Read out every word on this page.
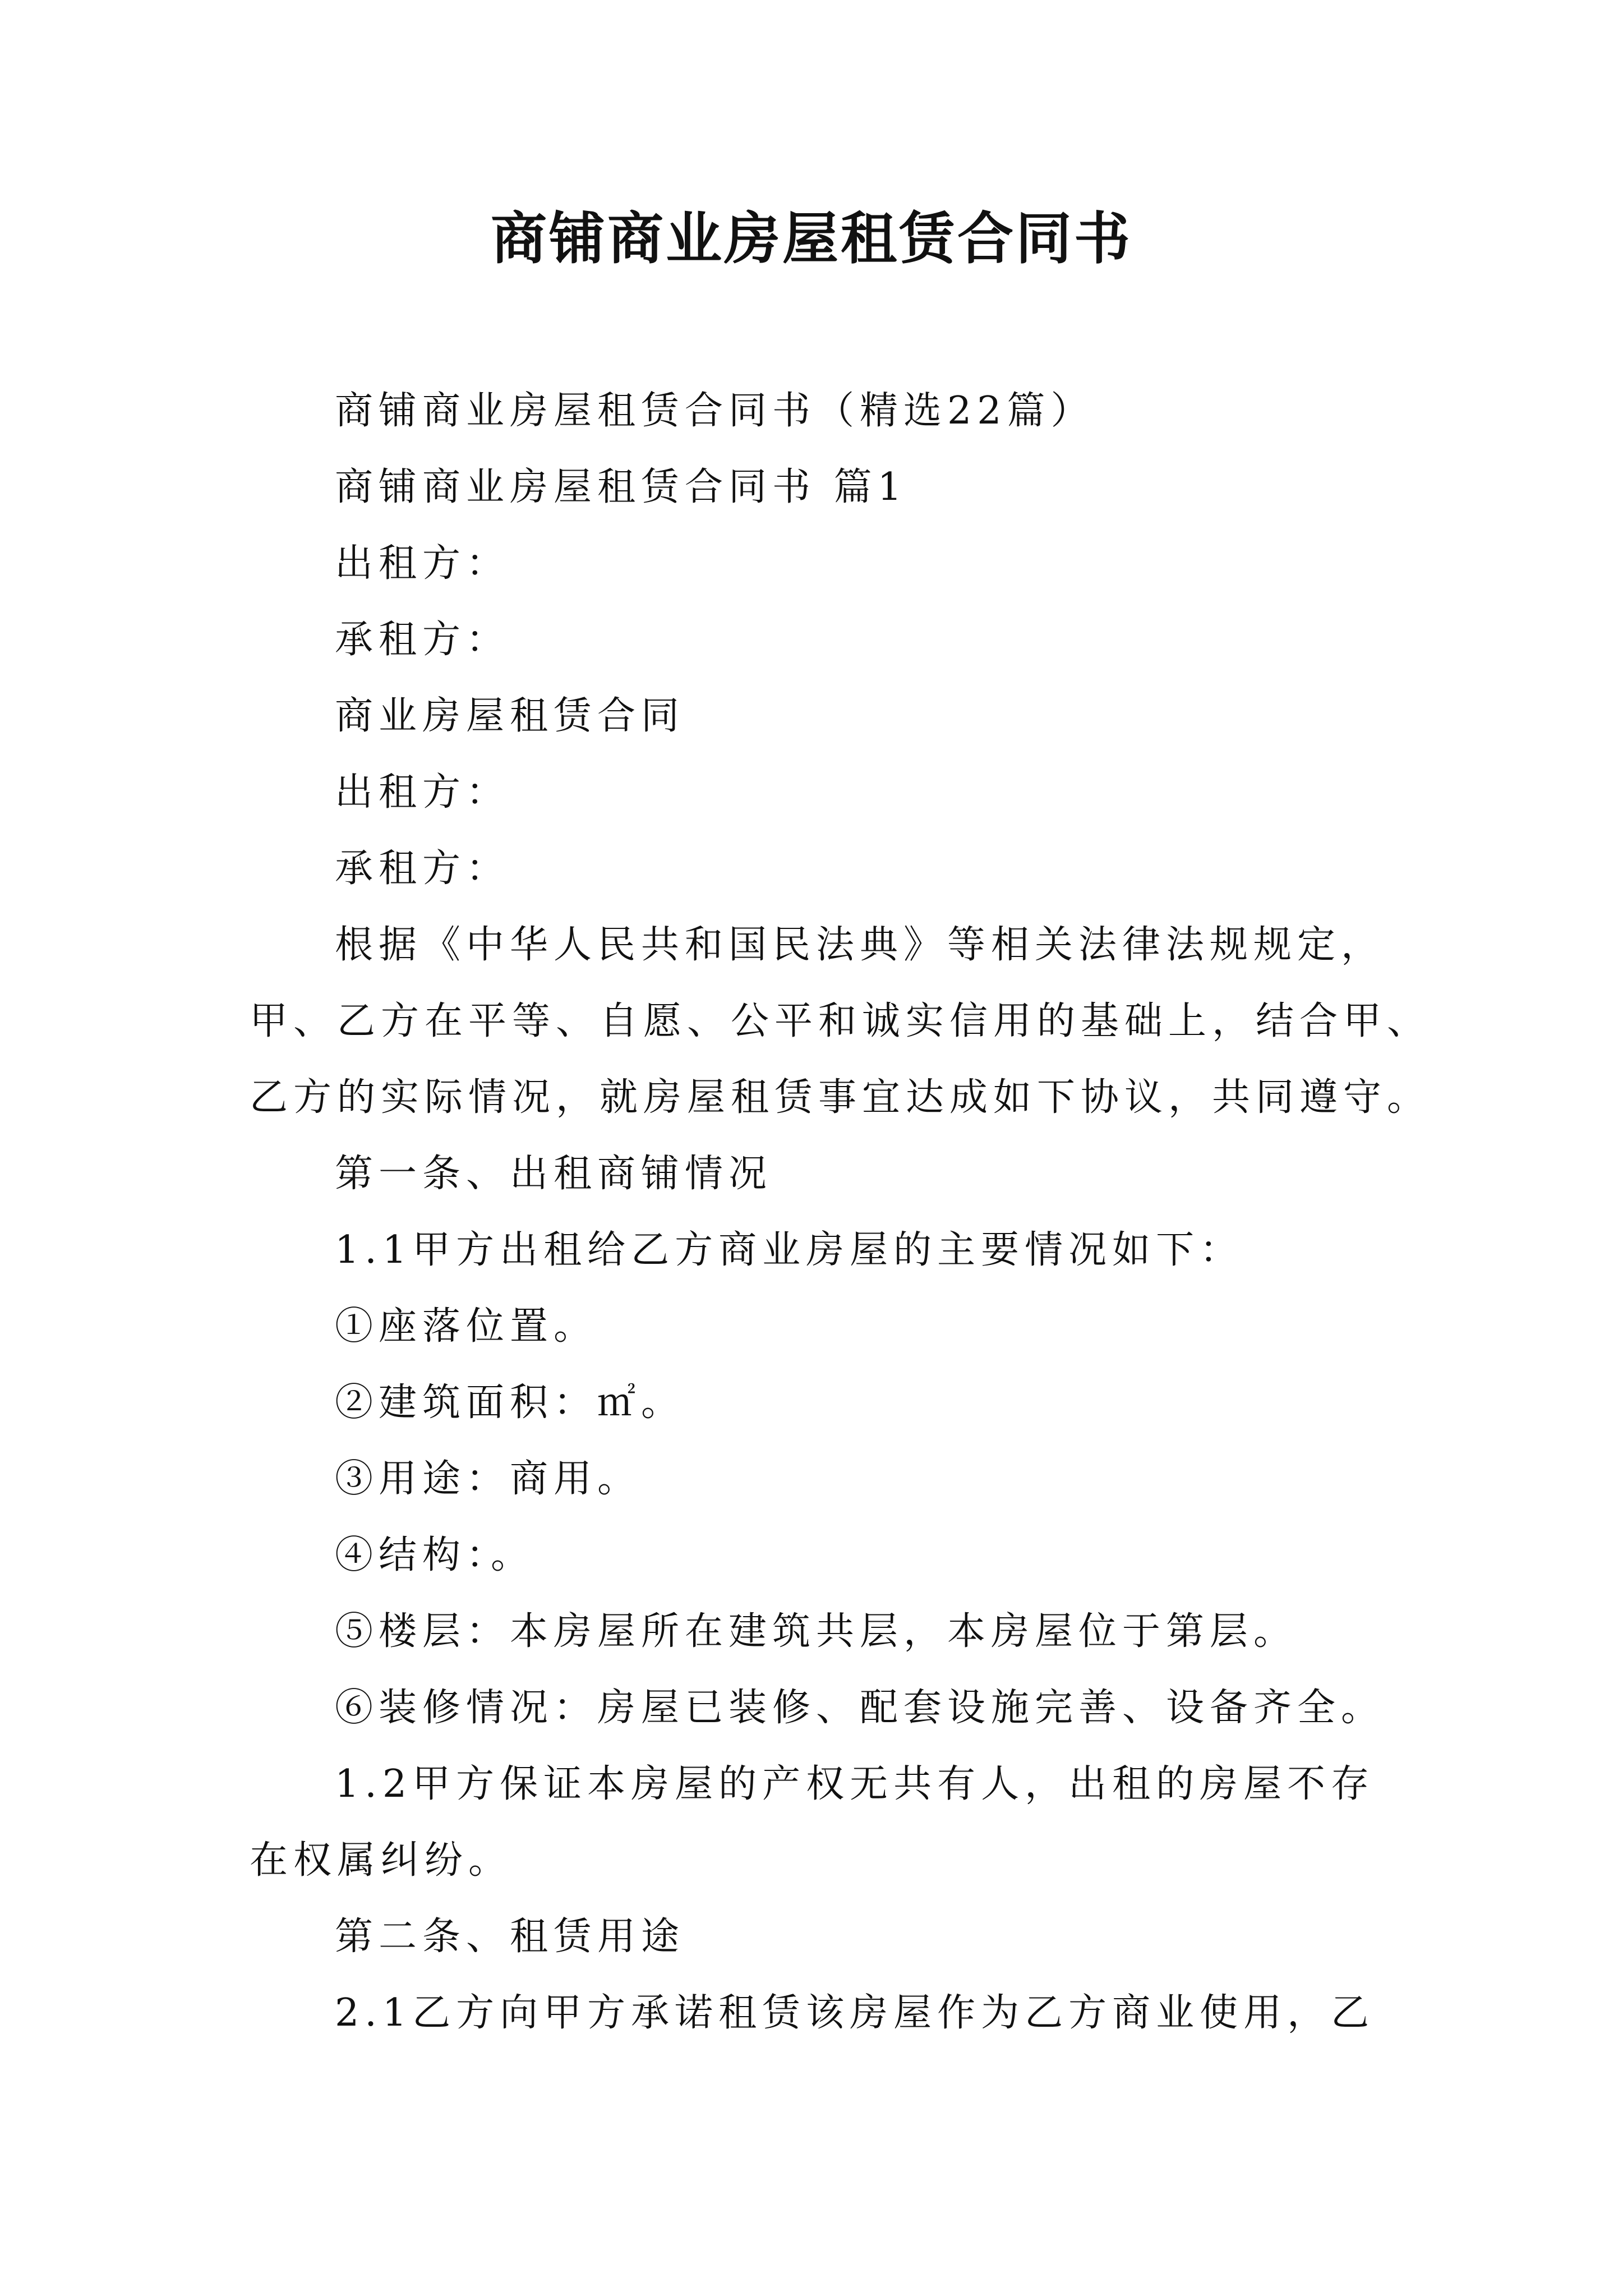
商铺商业房屋租赁合同书

商铺商业房屋租赁合同书（精选22篇）

商铺商业房屋租赁合同书 篇1

出租方：

承租方：

商业房屋租赁合同

出租方：

承租方：

根据《中华人民共和国民法典》等相关法律法规规定，
甲、乙方在平等、自愿、公平和诚实信用的基础上，结合甲、
乙方的实际情况，就房屋租赁事宜达成如下协议，共同遵守。

第一条、出租商铺情况

1.1甲方出租给乙方商业房屋的主要情况如下：

①座落位置。

②建筑面积：㎡。

③用途：商用。

④结构：。

⑤楼层：本房屋所在建筑共层，本房屋位于第层。

⑥装修情况：房屋已装修、配套设施完善、设备齐全。

1.2甲方保证本房屋的产权无共有人，出租的房屋不存
在权属纠纷。

第二条、租赁用途

2.1乙方向甲方承诺租赁该房屋作为乙方商业使用，乙
